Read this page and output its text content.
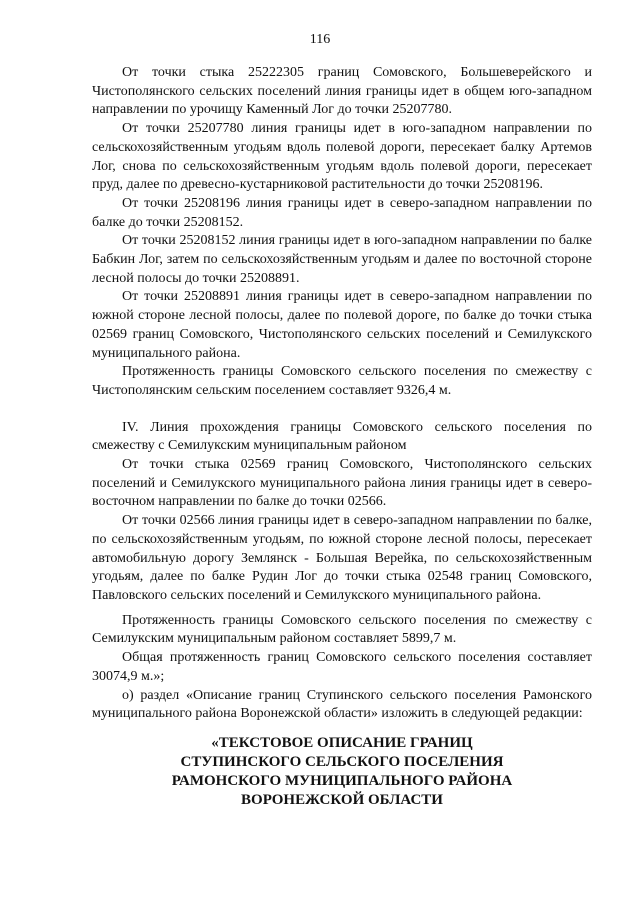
116

От точки стыка 25222305 границ Сомовского, Большеверейского и Чистополянского сельских поселений линия границы идет в общем юго-западном направлении по урочищу Каменный Лог до точки 25207780.

От точки 25207780 линия границы идет в юго-западном направлении по сельскохозяйственным угодьям вдоль полевой дороги, пересекает балку Артемов Лог, снова по сельскохозяйственным угодьям вдоль полевой дороги, пересекает пруд, далее по древесно-кустарниковой растительности до точки 25208196.

От точки 25208196 линия границы идет в северо-западном направлении по балке до точки 25208152.

От точки 25208152 линия границы идет в юго-западном направлении по балке Бабкин Лог, затем по сельскохозяйственным угодьям и далее по восточной стороне лесной полосы до точки 25208891.

От точки 25208891 линия границы идет в северо-западном направлении по южной стороне лесной полосы, далее по полевой дороге, по балке до точки стыка 02569 границ Сомовского, Чистополянского сельских поселений и Семилукского муниципального района.

Протяженность границы Сомовского сельского поселения по смежеству с Чистополянским сельским поселением составляет 9326,4 м.

IV. Линия прохождения границы Сомовского сельского поселения по смежеству с Семилукским муниципальным районом

От точки стыка 02569 границ Сомовского, Чистополянского сельских поселений и Семилукского муниципального района линия границы идет в северо-восточном направлении по балке до точки 02566.

От точки 02566 линия границы идет в северо-западном направлении по балке, по сельскохозяйственным угодьям, по южной стороне лесной полосы, пересекает автомобильную дорогу Землянск - Большая Верейка, по сельскохозяйственным угодьям, далее по балке Рудин Лог до точки стыка 02548 границ Сомовского, Павловского сельских поселений и Семилукского муниципального района.

Протяженность границы Сомовского сельского поселения по смежеству с Семилукским муниципальным районом составляет 5899,7 м.

Общая протяженность границ Сомовского сельского поселения составляет 30074,9 м.»;

о) раздел «Описание границ Ступинского сельского поселения Рамонского муниципального района Воронежской области» изложить в следующей редакции:

«ТЕКСТОВОЕ ОПИСАНИЕ ГРАНИЦ
СТУПИНСКОГО СЕЛЬСКОГО ПОСЕЛЕНИЯ
РАМОНСКОГО МУНИЦИПАЛЬНОГО РАЙОНА
ВОРОНЕЖСКОЙ ОБЛАСТИ
